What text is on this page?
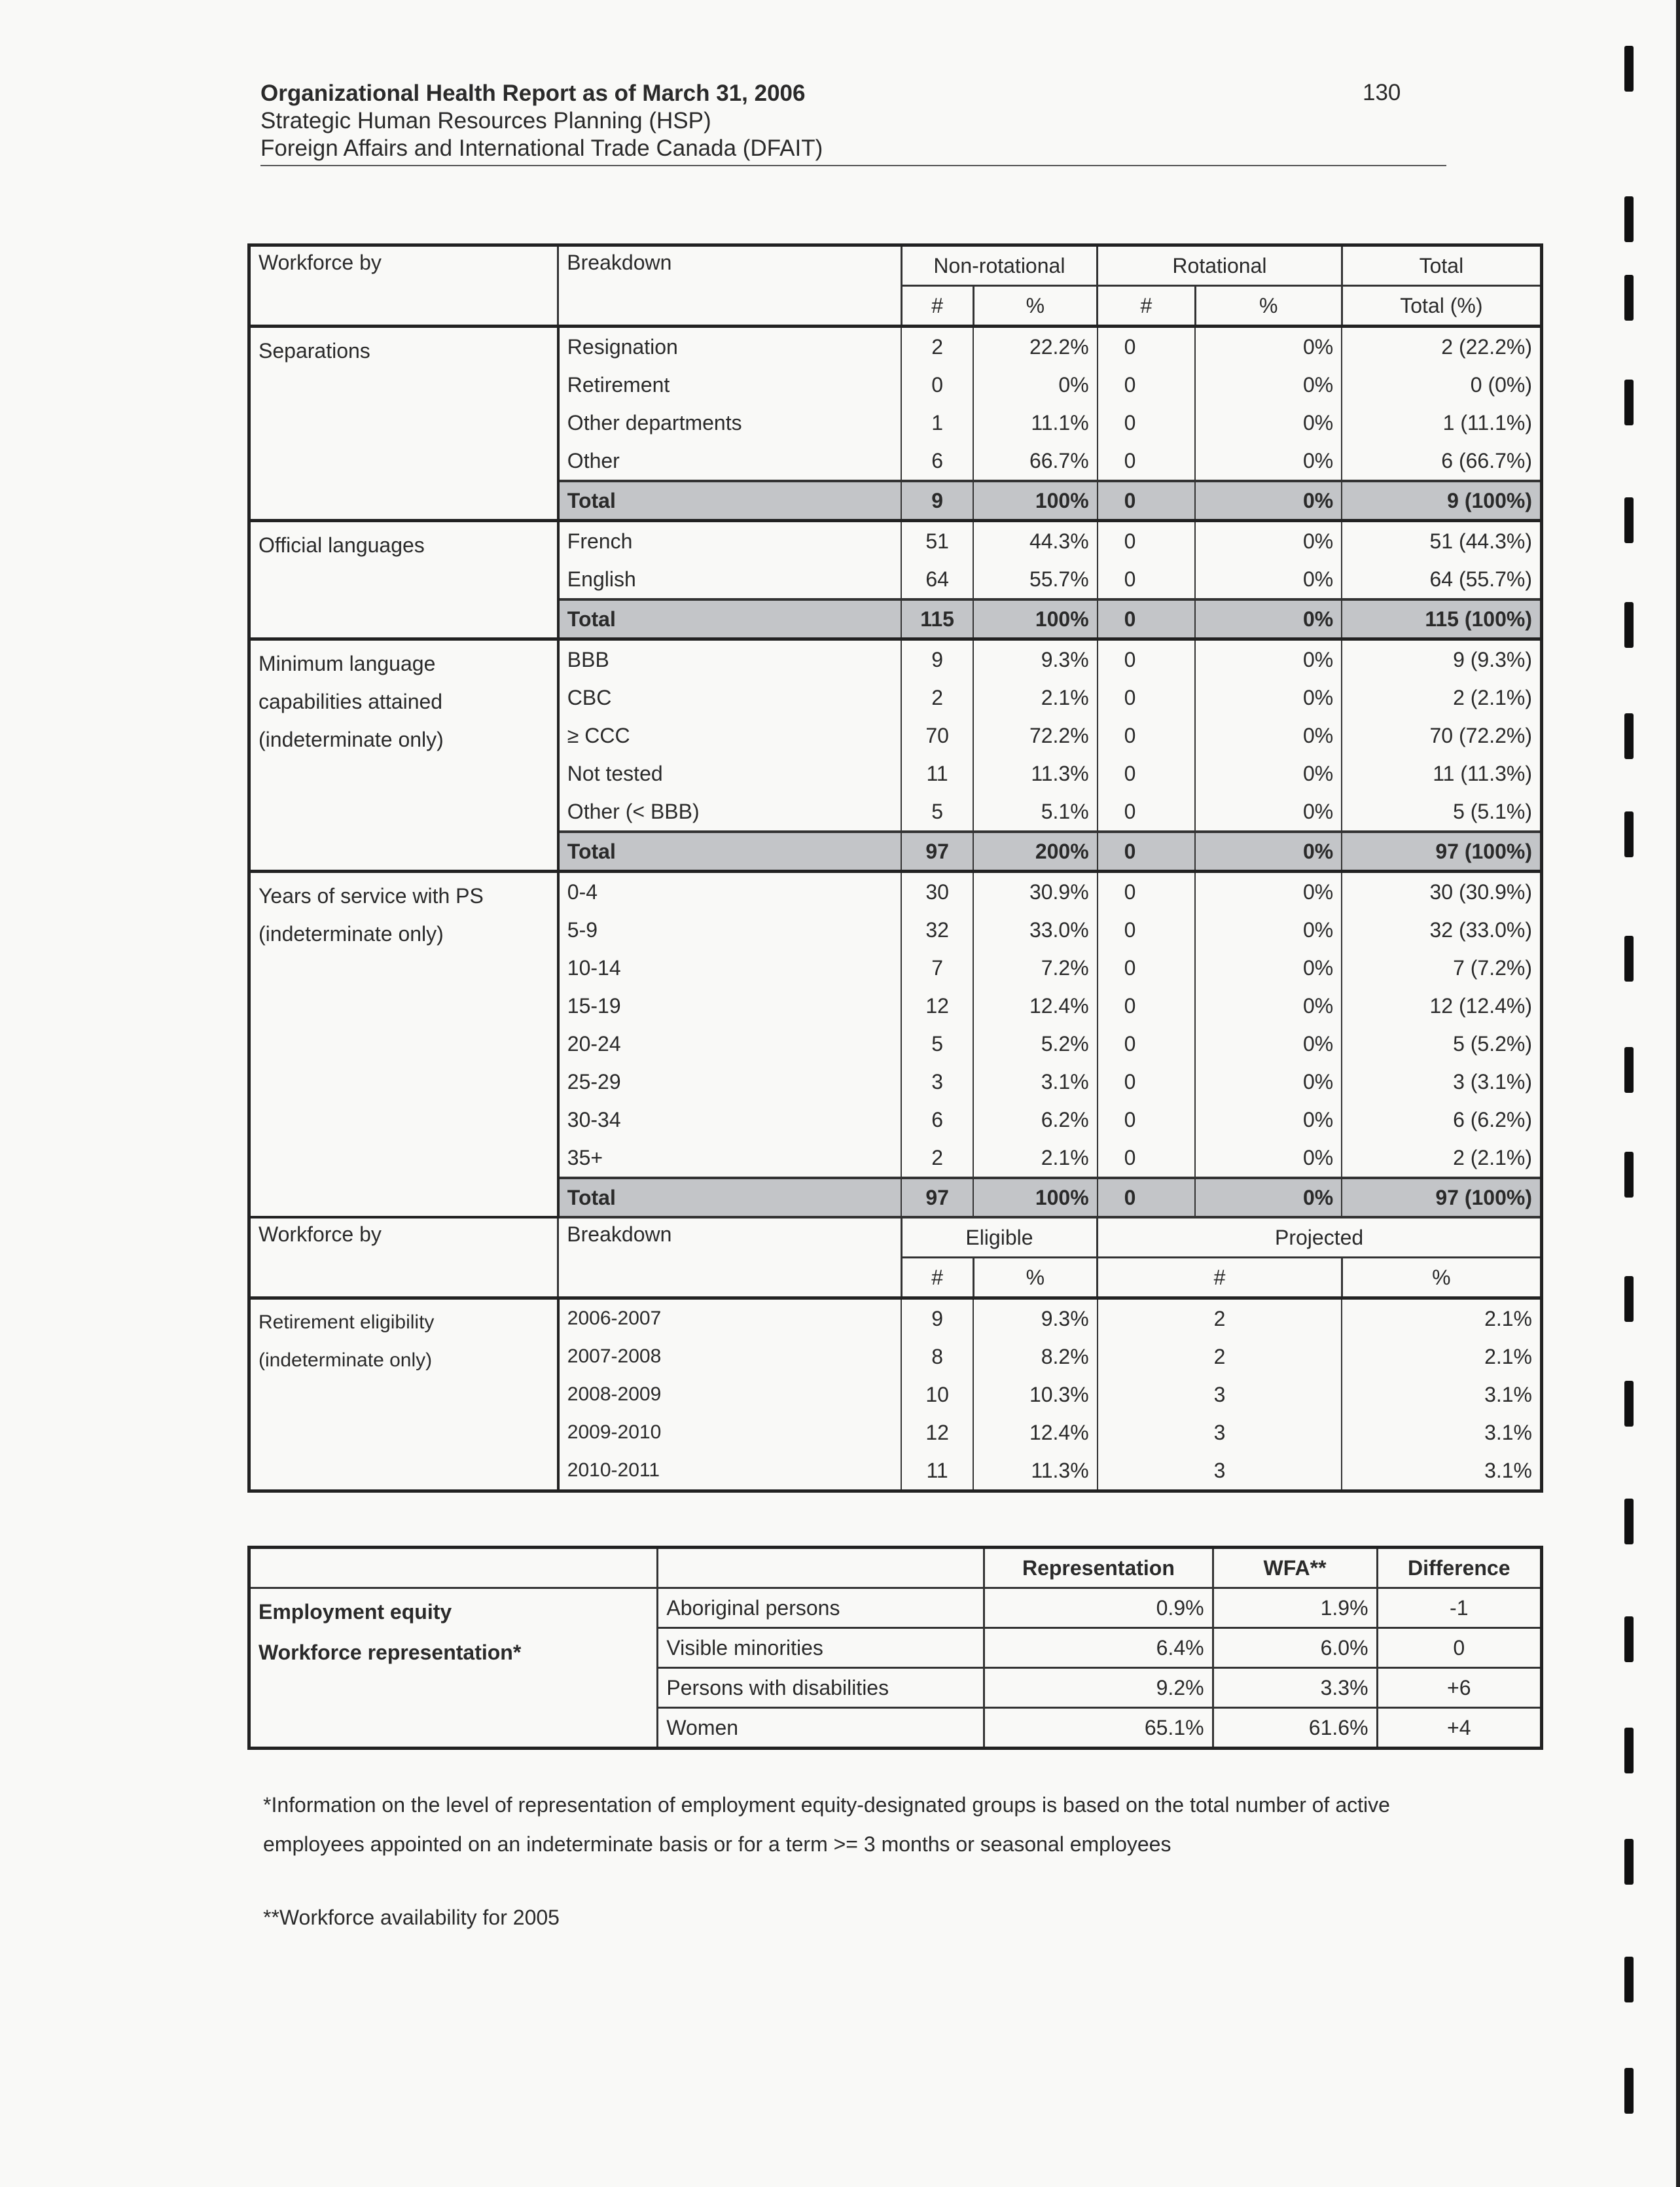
Organizational Health Report as of March 31, 2006
Strategic Human Resources Planning (HSP)
Foreign Affairs and International Trade Canada (DFAIT)
130
Workforce by	Breakdown	Non-rotational		Rotational		Total
		#	%	#	%	Total (%)
Separations	Resignation	2	22.2%	0	0%	2 (22.2%)
	Retirement	0	0%	0	0%	0 (0%)
	Other departments	1	11.1%	0	0%	1 (11.1%)
	Other	6	66.7%	0	0%	6 (66.7%)
	Total	9	100%	0	0%	9 (100%)
Official languages	French	51	44.3%	0	0%	51 (44.3%)
	English	64	55.7%	0	0%	64 (55.7%)
	Total	115	100%	0	0%	115 (100%)

Minimum language
capabilities attained
(indeterminate only)	BBB	9	9.3%	0	0%	9 (9.3%)
	CBC	2	2.1%	0	0%	2 (2.1%)
	≥ CCC	70	72.2%	0	0%	70 (72.2%)
	Not tested	11	11.3%	0	0%	11 (11.3%)
	Other (< BBB)	5	5.1%	0	0%	5 (5.1%)
	Total	97	200%	0	0%	97 (100%)

Years of service with PS
(indeterminate only)	0-4	30	30.9%	0	0%	30 (30.9%)
	5-9	32	33.0%	0	0%	32 (33.0%)
	10-14	7	7.2%	0	0%	7 (7.2%)
	15-19	12	12.4%	0	0%	12 (12.4%)
	20-24	5	5.2%	0	0%	5 (5.2%)
	25-29	3	3.1%	0	0%	3 (3.1%)
	30-34	6	6.2%	0	0%	6 (6.2%)
	35+	2	2.1%	0	0%	2 (2.1%)
	Total	97	100%	0	0%	97 (100%)
Workforce by	Breakdown	Eligible		Projected		
		#	%	#		%

Retirement eligibility
(indeterminate only)	2006-2007	9	9.3%	2		2.1%
	2007-2008	8	8.2%	2		2.1%
	2008-2009	10	10.3%	3		3.1%
	2009-2010	12	12.4%	3		3.1%
	2010-2011	11	11.3%	3		3.1%
		Representation	WFA**	Difference

Employment equity
Workforce representation*	Aboriginal persons	0.9%	1.9%	-1
	Visible minorities	6.4%	6.0%	0
	Persons with disabilities	9.2%	3.3%	+6
	Women	65.1%	61.6%	+4
*Information on the level of representation of employment equity-designated groups is based on the total number of active
employees appointed on an indeterminate basis or for a term >= 3 months or seasonal employees
**Workforce availability for 2005
